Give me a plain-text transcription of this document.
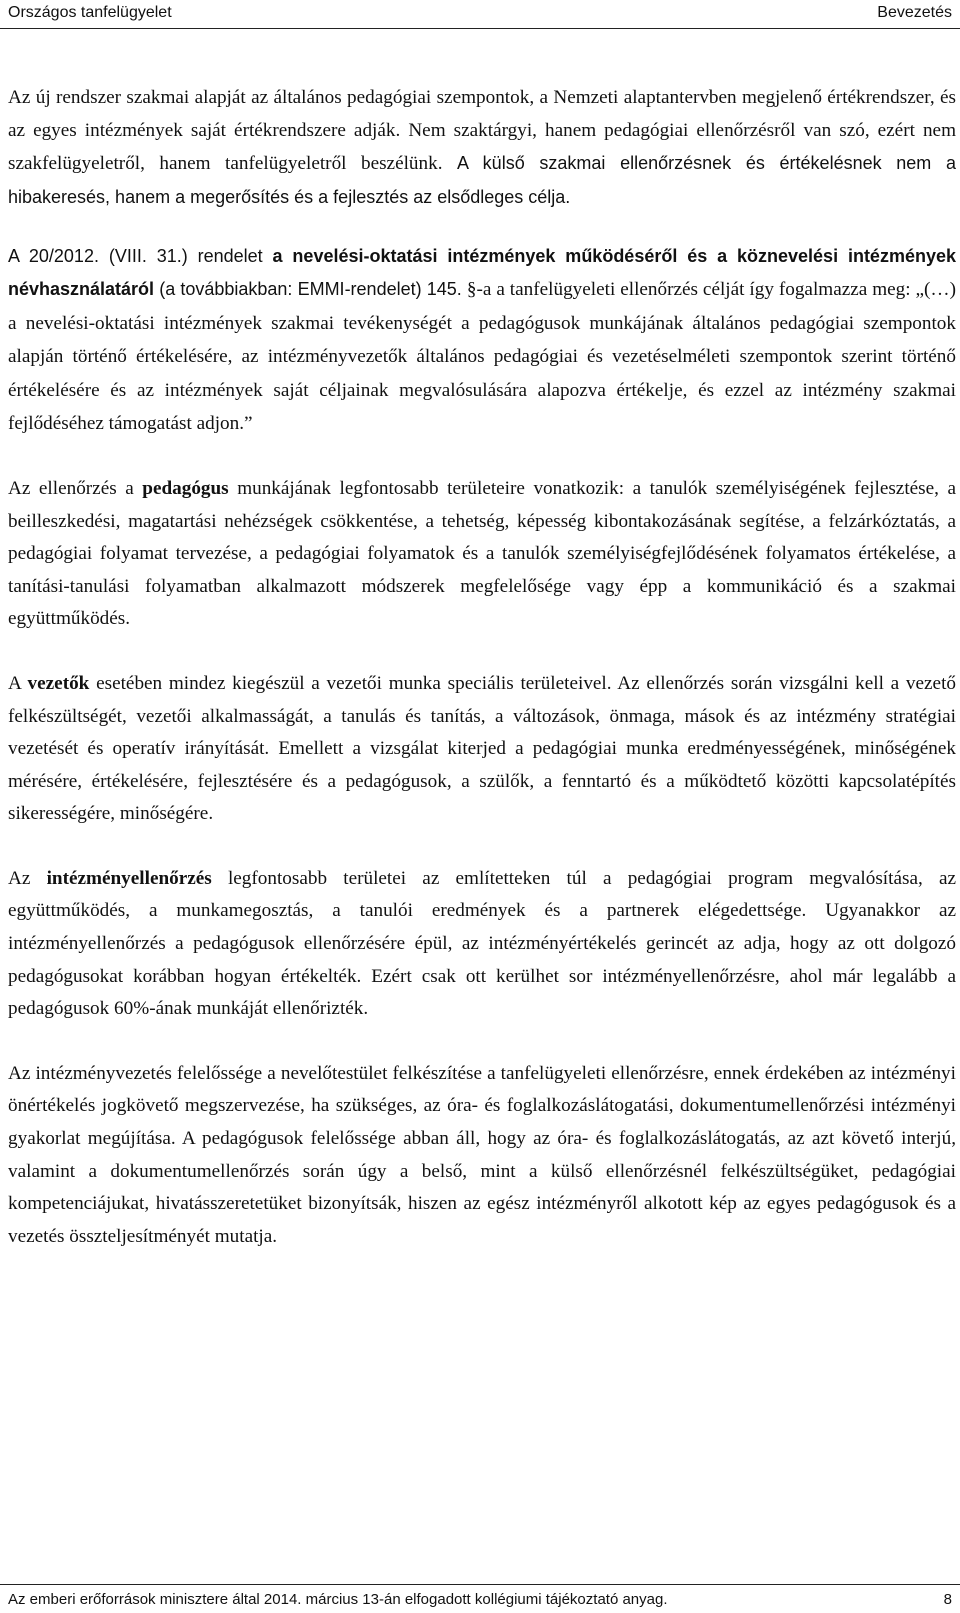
Országos tanfelügyelet	Bevezetés

Az új rendszer szakmai alapját az általános pedagógiai szempontok, a Nemzeti alaptantervben megjelenő értékrendszer, és az egyes intézmények saját értékrendszere adják. Nem szaktárgyi, hanem pedagógiai ellenőrzésről van szó, ezért nem szakfelügyeletről, hanem tanfelügyeletről beszélünk. A külső szakmai ellenőrzésnek és értékelésnek nem a hibakeresés, hanem a megerősítés és a fejlesztés az elsődleges célja.

A 20/2012. (VIII. 31.) rendelet a nevelési-oktatási intézmények működéséről és a köznevelési intézmények névhasználatáról (a továbbiakban: EMMI-rendelet) 145. §-a a tanfelügyeleti ellenőrzés célját így fogalmazza meg: „(…) a nevelési-oktatási intézmények szakmai tevékenységét a pedagógusok munkájának általános pedagógiai szempontok alapján történő értékelésére, az intézményvezetők általános pedagógiai és vezetéselméleti szempontok szerint történő értékelésére és az intézmények saját céljainak megvalósulására alapozva értékelje, és ezzel az intézmény szakmai fejlődéséhez támogatást adjon.”

Az ellenőrzés a pedagógus munkájának legfontosabb területeire vonatkozik: a tanulók személyiségének fejlesztése, a beilleszkedési, magatartási nehézségek csökkentése, a tehetség, képesség kibontakozásának segítése, a felzárkóztatás, a pedagógiai folyamat tervezése, a pedagógiai folyamatok és a tanulók személyiségfejlődésének folyamatos értékelése, a tanítási-tanulási folyamatban alkalmazott módszerek megfelelősége vagy épp a kommunikáció és a szakmai együttműködés.

A vezetők esetében mindez kiegészül a vezetői munka speciális területeivel. Az ellenőrzés során vizsgálni kell a vezető felkészültségét, vezetői alkalmasságát, a tanulás és tanítás, a változások, önmaga, mások és az intézmény stratégiai vezetését és operatív irányítását. Emellett a vizsgálat kiterjed a pedagógiai munka eredményességének, minőségének mérésére, értékelésére, fejlesztésére és a pedagógusok, a szülők, a fenntartó és a működtető közötti kapcsolatépítés sikerességére, minőségére.

Az intézményellenőrzés legfontosabb területei az említetteken túl a pedagógiai program megvalósítása, az együttműködés, a munkamegosztás, a tanulói eredmények és a partnerek elégedettsége. Ugyanakkor az intézményellenőrzés a pedagógusok ellenőrzésére épül, az intézményértékelés gerincét az adja, hogy az ott dolgozó pedagógusokat korábban hogyan értékelték. Ezért csak ott kerülhet sor intézményellenőrzésre, ahol már legalább a pedagógusok 60%-ának munkáját ellenőrizték.

Az intézményvezetés felelőssége a nevelőtestület felkészítése a tanfelügyeleti ellenőrzésre, ennek érdekében az intézményi önértékelés jogkövető megszervezése, ha szükséges, az óra- és foglalkozáslátogatási, dokumentumellenőrzési intézményi gyakorlat megújítása. A pedagógusok felelőssége abban áll, hogy az óra- és foglalkozáslátogatás, az azt követő interjú, valamint a dokumentumellenőrzés során úgy a belső, mint a külső ellenőrzésnél felkészültségüket, pedagógiai kompetenciájukat, hivatásszeretetüket bizonyítsák, hiszen az egész intézményről alkotott kép az egyes pedagógusok és a vezetés összteljesítményét mutatja.

Az emberi erőforrások minisztere által 2014. március 13-án elfogadott kollégiumi tájékoztató anyag.	8
